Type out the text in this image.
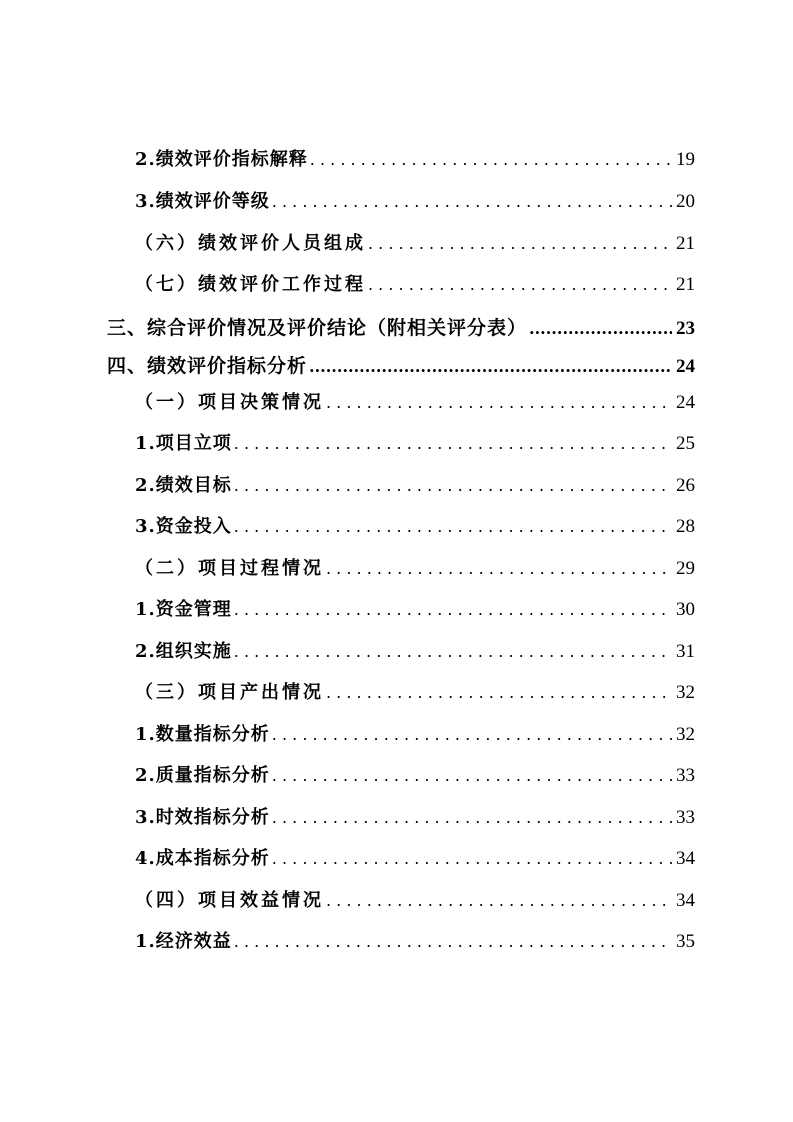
2.绩效评价指标解释 . . .	19
3.绩效评价等级 . . .	20
（六）绩效评价人员组成 . . .	21
（七）绩效评价工作过程 . . .	21
三、综合评价情况及评价结论（附相关评分表） .....	23
四、绩效评价指标分析 .....	24
（一）项目决策情况 . . .	24
1.项目立项 . . .	25
2.绩效目标 . . .	26
3.资金投入 . . .	28
（二）项目过程情况 . . .	29
1.资金管理 . . .	30
2.组织实施 . . .	31
（三）项目产出情况 . . .	32
1.数量指标分析 . . .	32
2.质量指标分析 . . .	33
3.时效指标分析 . . .	33
4.成本指标分析 . . .	34
（四）项目效益情况 . . .	34
1.经济效益 . . .	35
